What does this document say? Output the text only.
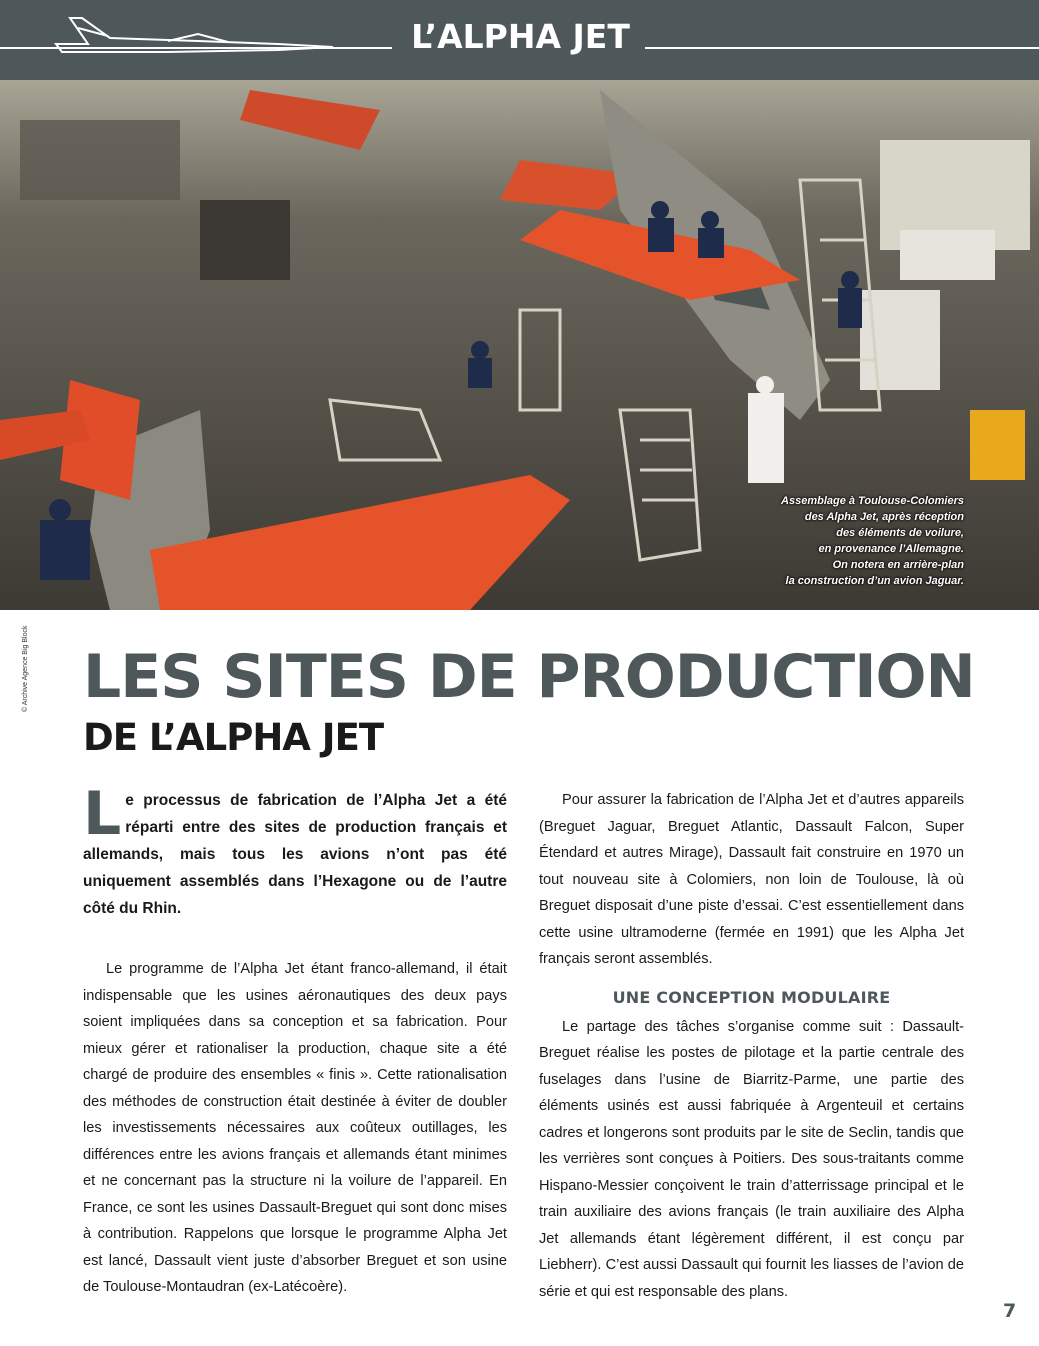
L’ALPHA JET
Assemblage à Toulouse-Colomiers
des Alpha Jet, après réception
des éléments de voilure,
en provenance l’Allemagne.
On notera en arrière-plan
la construction d’un avion Jaguar.
© Archive Agence Big Block LES SITES DE PRODUCTION
DE L’ALPHA JET

Le processus de fabrication de l’Alpha Jet a été réparti entre des sites de production français et allemands, mais tous les avions n’ont pas été uniquement assemblés dans l’Hexagone ou de l’autre côté du Rhin.

Le programme de l’Alpha Jet étant franco-allemand, il était indispensable que les usines aéronautiques des deux pays soient impliquées dans sa conception et sa fabrication. Pour mieux gérer et rationaliser la production, chaque site a été chargé de produire des ensembles « finis ». Cette rationalisation des méthodes de construction était destinée à éviter de doubler les investissements nécessaires aux coûteux outillages, les différences entre les avions français et allemands étant minimes et ne concernant pas la structure ni la voilure de l’appareil. En France, ce sont les usines Dassault-Breguet qui sont donc mises à contribution. Rappelons que lorsque le programme Alpha Jet est lancé, Dassault vient juste d’absorber Breguet et son usine de Toulouse-Montaudran (ex-Latécoère).

Pour assurer la fabrication de l’Alpha Jet et d’autres appareils (Breguet Jaguar, Breguet Atlantic, Dassault Falcon, Super Étendard et autres Mirage), Dassault fait construire en 1970 un tout nouveau site à Colomiers, non loin de Toulouse, là où Breguet disposait d’une piste d’essai. C’est essentiellement dans cette usine ultramoderne (fermée en 1991) que les Alpha Jet français seront assemblés.

UNE CONCEPTION MODULAIRE

Le partage des tâches s’organise comme suit : Dassault-Breguet réalise les postes de pilotage et la partie centrale des fuselages dans l’usine de Biarritz-Parme, une partie des éléments usinés est aussi fabriquée à Argenteuil et certains cadres et longerons sont produits par le site de Seclin, tandis que les verrières sont conçues à Poitiers. Des sous-traitants comme Hispano-Messier conçoivent le train d’atterrissage principal et le train auxiliaire des avions français (le train auxiliaire des Alpha Jet allemands étant légèrement différent, il est conçu par Liebherr). C’est aussi Dassault qui fournit les liasses de l’avion de série et qui est responsable des plans.

7
